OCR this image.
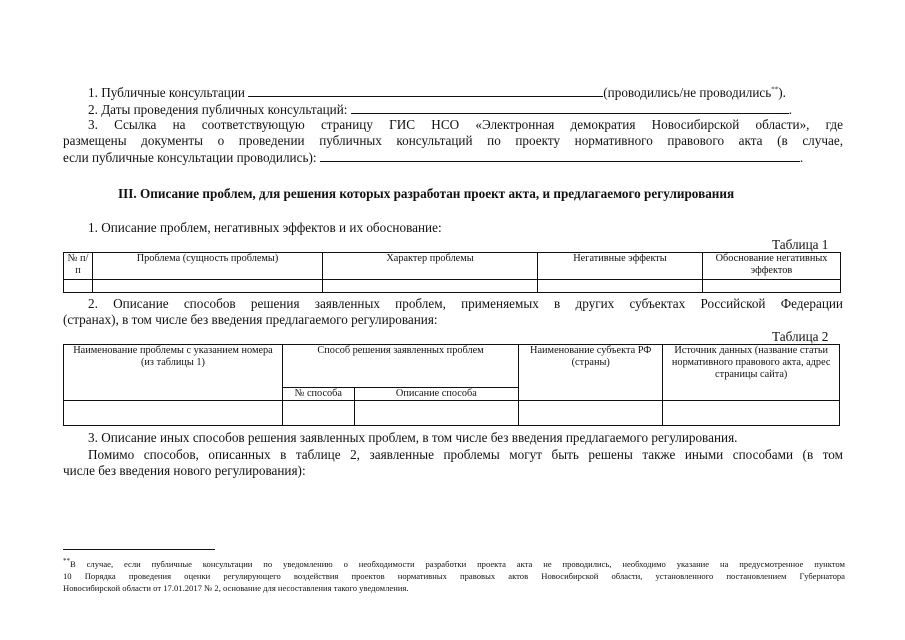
1. Публичные консультации	(проводились/не проводились**).
2. Даты проведения публичных консультаций:	.
3. Ссылка на соответствующую страницу ГИС НСО «Электронная демократия Новосибирской области», где
размещены документы о проведении публичных консультаций по проекту нормативного правового акта (в случае,
если публичные консультации проводились):	.
III. Описание проблем, для решения которых разработан проект акта, и предлагаемого регулирования
1. Описание проблем, негативных эффектов и их обоснование:
Таблица 1
№ п/п	Проблема (сущность проблемы)	Характер проблемы	Негативные эффекты	Обоснование негативных эффектов

2. Описание способов решения заявленных проблем, применяемых в других субъектах Российской Федерации
(странах), в том числе без введения предлагаемого регулирования:
Таблица 2
Наименование проблемы с указанием номера (из таблицы 1)	Способ решения заявленных проблем		Наименование субъекта РФ (страны)	Источник данных (название статьи нормативного правового акта, адрес страницы сайта)
	№ способа	Описание способа		

3. Описание иных способов решения заявленных проблем, в том числе без введения предлагаемого регулирования.
Помимо способов, описанных в таблице 2, заявленные проблемы могут быть решены также иными способами (в том
числе без введения нового регулирования):
**В случае, если публичные консультации по уведомлению о необходимости разработки проекта акта не проводились, необходимо указание на предусмотренное пунктом
10 Порядка проведения оценки регулирующего воздействия проектов нормативных правовых актов Новосибирской области, установленного постановлением Губернатора
Новосибирской области от 17.01.2017 № 2, основание для несоставления такого уведомления.
